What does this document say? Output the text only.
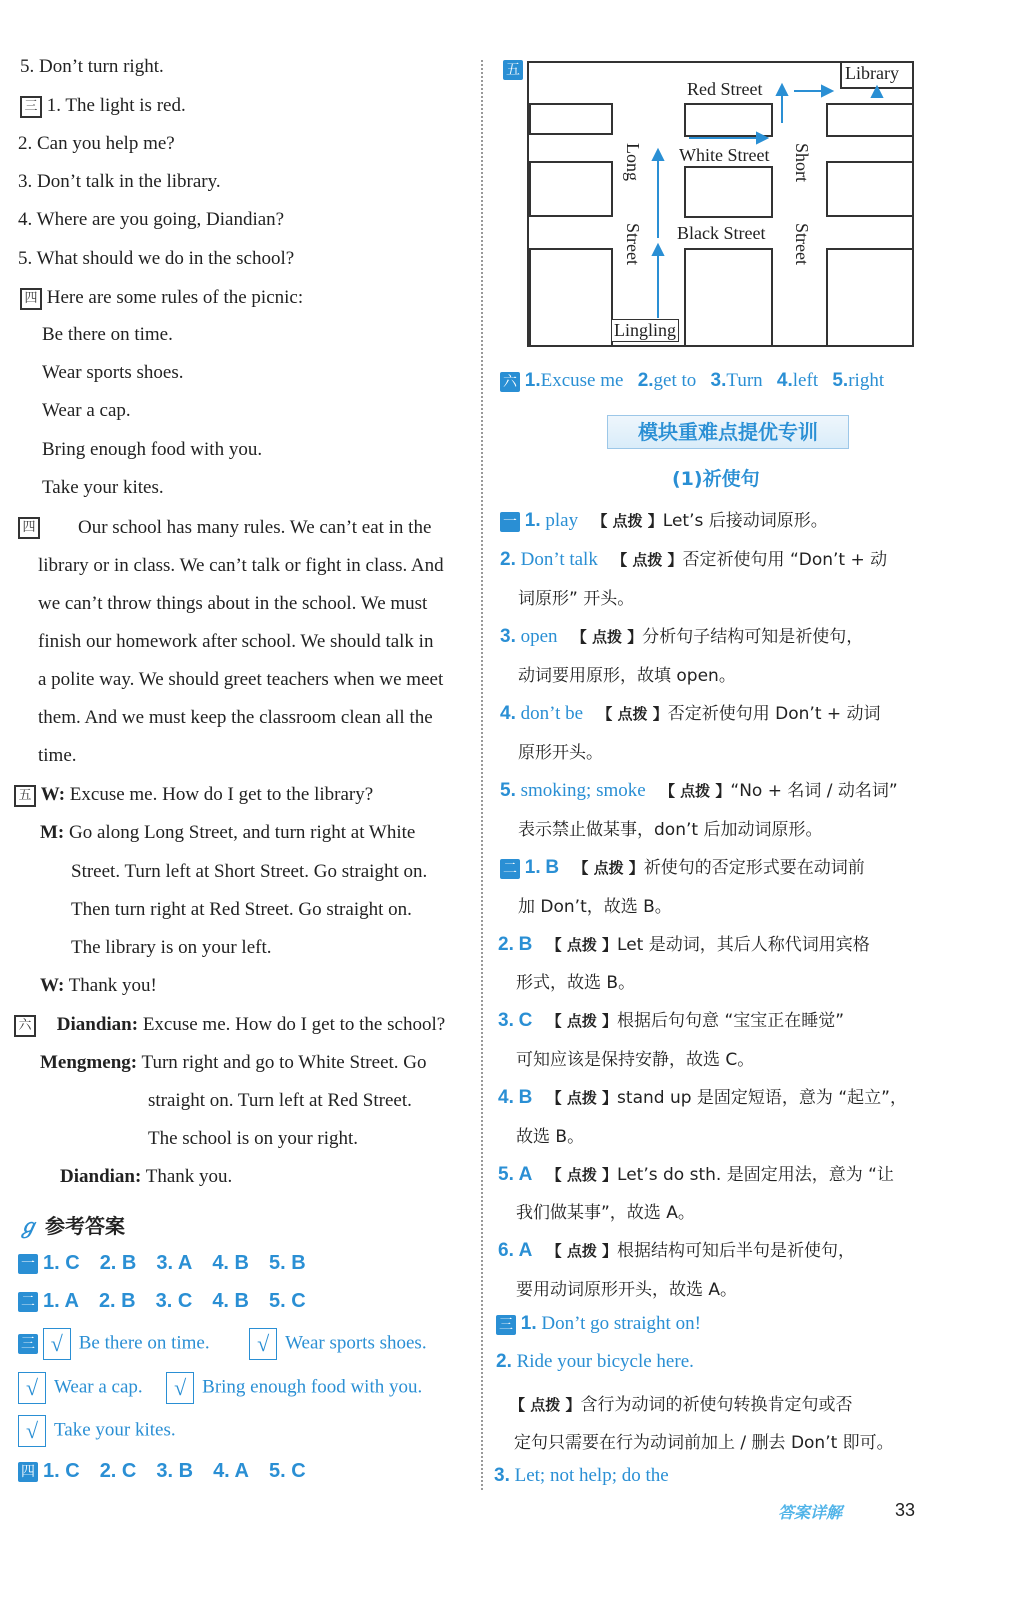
5. Don’t turn right.
三 1. The light is red.
2. Can you help me?
3. Don’t talk in the library.
4. Where are you going, Diandian?
5. What should we do in the school?
四 Here are some rules of the picnic:
Be there on time.
Wear sports shoes.
Wear a cap.
Bring enough food with you.
Take your kites.
四 Our school has many rules. We can’t eat in the
library or in class. We can’t talk or fight in class. And
we can’t throw things about in the school. We must
finish our homework after school. We should talk in
a polite way. We should greet teachers when we meet
them. And we must keep the classroom clean all the
time.
五 W: Excuse me. How do I get to the library?
M: Go along Long Street, and turn right at White
Street. Turn left at Short Street. Go straight on.
Then turn right at Red Street. Go straight on.
The library is on your left.
W: Thank you!
六 Diandian: Excuse me. How do I get to the school?
Mengmeng: Turn right and go to White Street. Go
straight on. Turn left at Red Street.
The school is on your right.
Diandian: Thank you.
ℊ 参考答案
一 1. C 2. B 3. A 4. B 5. B
二 1. A 2. B 3. C 4. B 5. C
三 √ Be there on time. √ Wear sports shoes.
√ Wear a cap. √ Bring enough food with you.
√ Take your kites.
四 1. C 2. C 3. B 4. A 5. C
五	Library
Red Street
White Street
Black Street
Long
Street
Short
Street
Lingling
六 1.Excuse me 2.get to 3.Turn 4.left 5.right
模块重难点提优专训
(1)祈使句
一 1. play 【 点拨 】Let’s 后接动词原形。
2. Don’t talk 【 点拨 】否定祈使句用 “Don’t + 动
词原形” 开头。
3. open 【 点拨 】分析句子结构可知是祈使句，
动词要用原形，故填 open。
4. don’t be 【 点拨 】否定祈使句用 Don’t + 动词
原形开头。
5. smoking; smoke 【 点拨 】“No + 名词 / 动名词”
表示禁止做某事，don’t 后加动词原形。
二 1. B 【 点拨 】祈使句的否定形式要在动词前
加 Don’t，故选 B。
2. B 【 点拨 】Let 是动词，其后人称代词用宾格
形式，故选 B。
3. C 【 点拨 】根据后句句意 “宝宝正在睡觉”
可知应该是保持安静，故选 C。
4. B 【 点拨 】stand up 是固定短语，意为 “起立”，
故选 B。
5. A 【 点拨 】Let’s do sth. 是固定用法，意为 “让
我们做某事”，故选 A。
6. A 【 点拨 】根据结构可知后半句是祈使句，
要用动词原形开头，故选 A。
三 1. Don’t go straight on!
2. Ride your bicycle here.
【 点拨 】含行为动词的祈使句转换肯定句或否
定句只需要在行为动词前加上 / 删去 Don’t 即可。
3. Let; not help; do the
答案详解	33
